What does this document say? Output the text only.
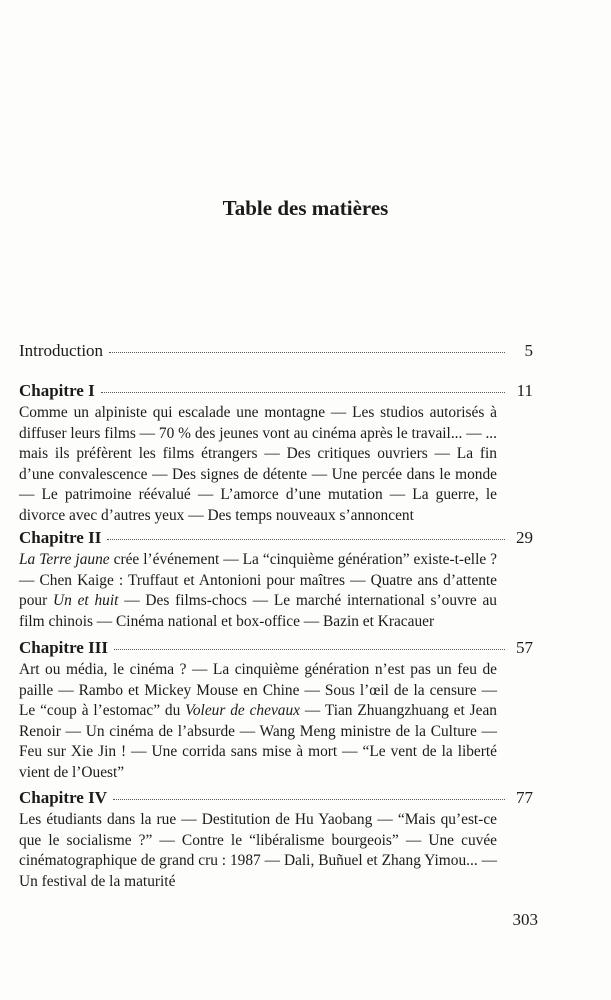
Table des matières
Introduction	5
Chapitre I	11
Comme un alpiniste qui escalade une montagne — Les studios autorisés à diffuser leurs films — 70 % des jeunes vont au cinéma après le travail... — ... mais ils préfèrent les films étrangers — Des critiques ouvriers — La fin d’une convalescence — Des signes de détente — Une percée dans le monde — Le patrimoine réévalué — L’amorce d’une mutation — La guerre, le divorce avec d’autres yeux — Des temps nouveaux s’annoncent
Chapitre II	29
La Terre jaune crée l’événement — La “cinquième génération” existe-t-elle ? — Chen Kaige : Truffaut et Antonioni pour maîtres — Quatre ans d’attente pour Un et huit — Des films-chocs — Le marché international s’ouvre au film chinois — Cinéma national et box-office — Bazin et Kracauer
Chapitre III	57
Art ou média, le cinéma ? — La cinquième génération n’est pas un feu de paille — Rambo et Mickey Mouse en Chine — Sous l’œil de la censure — Le “coup à l’estomac” du Voleur de chevaux — Tian Zhuangzhuang et Jean Renoir — Un cinéma de l’absurde — Wang Meng ministre de la Culture — Feu sur Xie Jin ! — Une corrida sans mise à mort — “Le vent de la liberté vient de l’Ouest”
Chapitre IV	77
Les étudiants dans la rue — Destitution de Hu Yaobang — “Mais qu’est-ce que le socialisme ?” — Contre le “libéralisme bourgeois” — Une cuvée cinématographique de grand cru : 1987 — Dali, Buñuel et Zhang Yimou... — Un festival de la maturité
303
